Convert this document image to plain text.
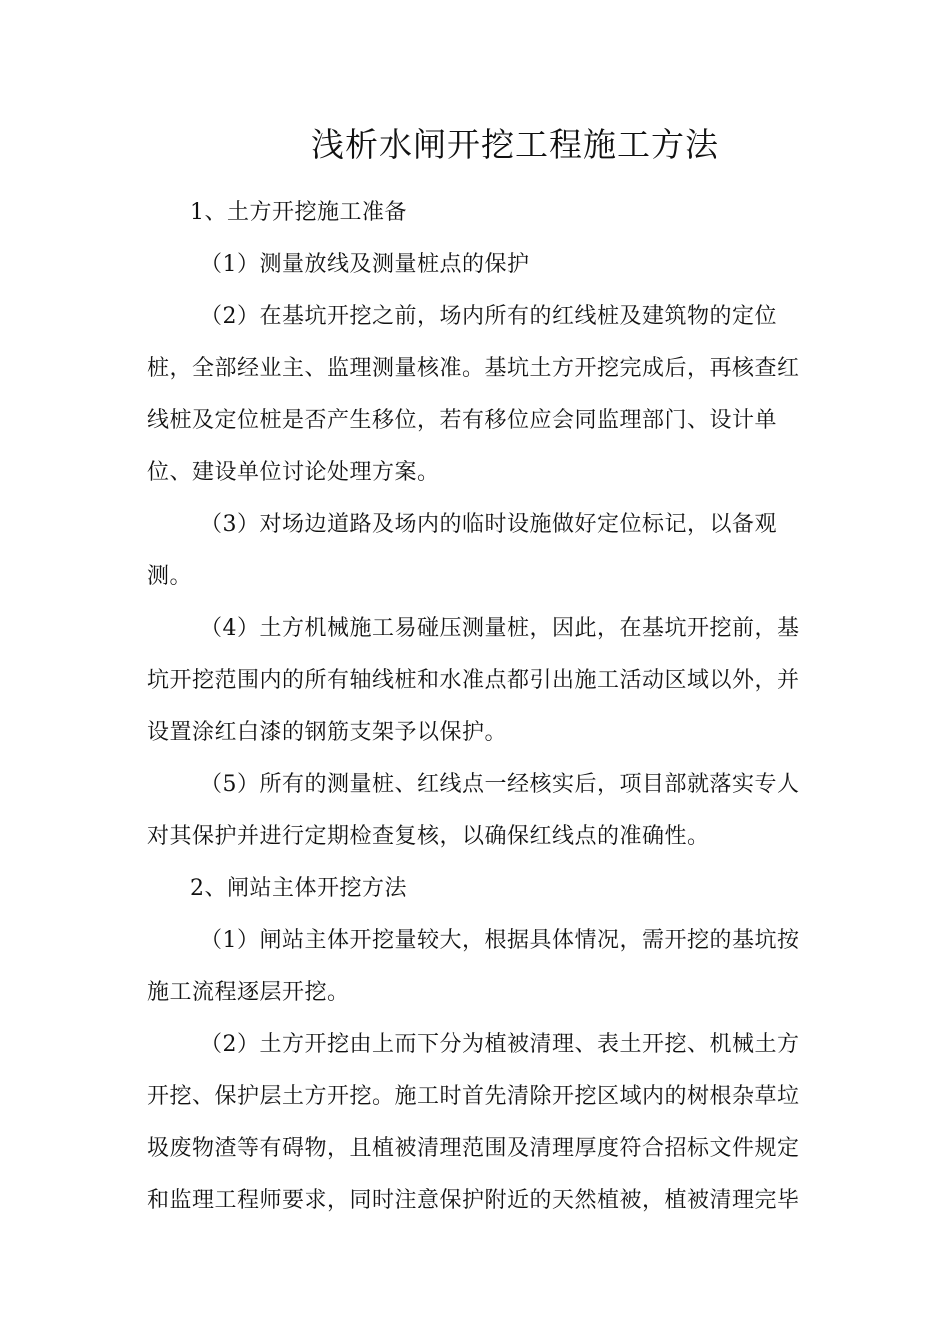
浅析水闸开挖工程施工方法
1、土方开挖施工准备
（1）测量放线及测量桩点的保护
（2）在基坑开挖之前，场内所有的红线桩及建筑物的定位
桩，全部经业主、监理测量核准。基坑土方开挖完成后，再核查红
线桩及定位桩是否产生移位，若有移位应会同监理部门、设计单
位、建设单位讨论处理方案。
（3）对场边道路及场内的临时设施做好定位标记，以备观
测。
（4）土方机械施工易碰压测量桩，因此，在基坑开挖前，基
坑开挖范围内的所有轴线桩和水准点都引出施工活动区域以外，并
设置涂红白漆的钢筋支架予以保护。
（5）所有的测量桩、红线点一经核实后，项目部就落实专人
对其保护并进行定期检查复核，以确保红线点的准确性。
2、闸站主体开挖方法
（1）闸站主体开挖量较大，根据具体情况，需开挖的基坑按
施工流程逐层开挖。
（2）土方开挖由上而下分为植被清理、表土开挖、机械土方
开挖、保护层土方开挖。施工时首先清除开挖区域内的树根杂草垃
圾废物渣等有碍物，且植被清理范围及清理厚度符合招标文件规定
和监理工程师要求，同时注意保护附近的天然植被，植被清理完毕
